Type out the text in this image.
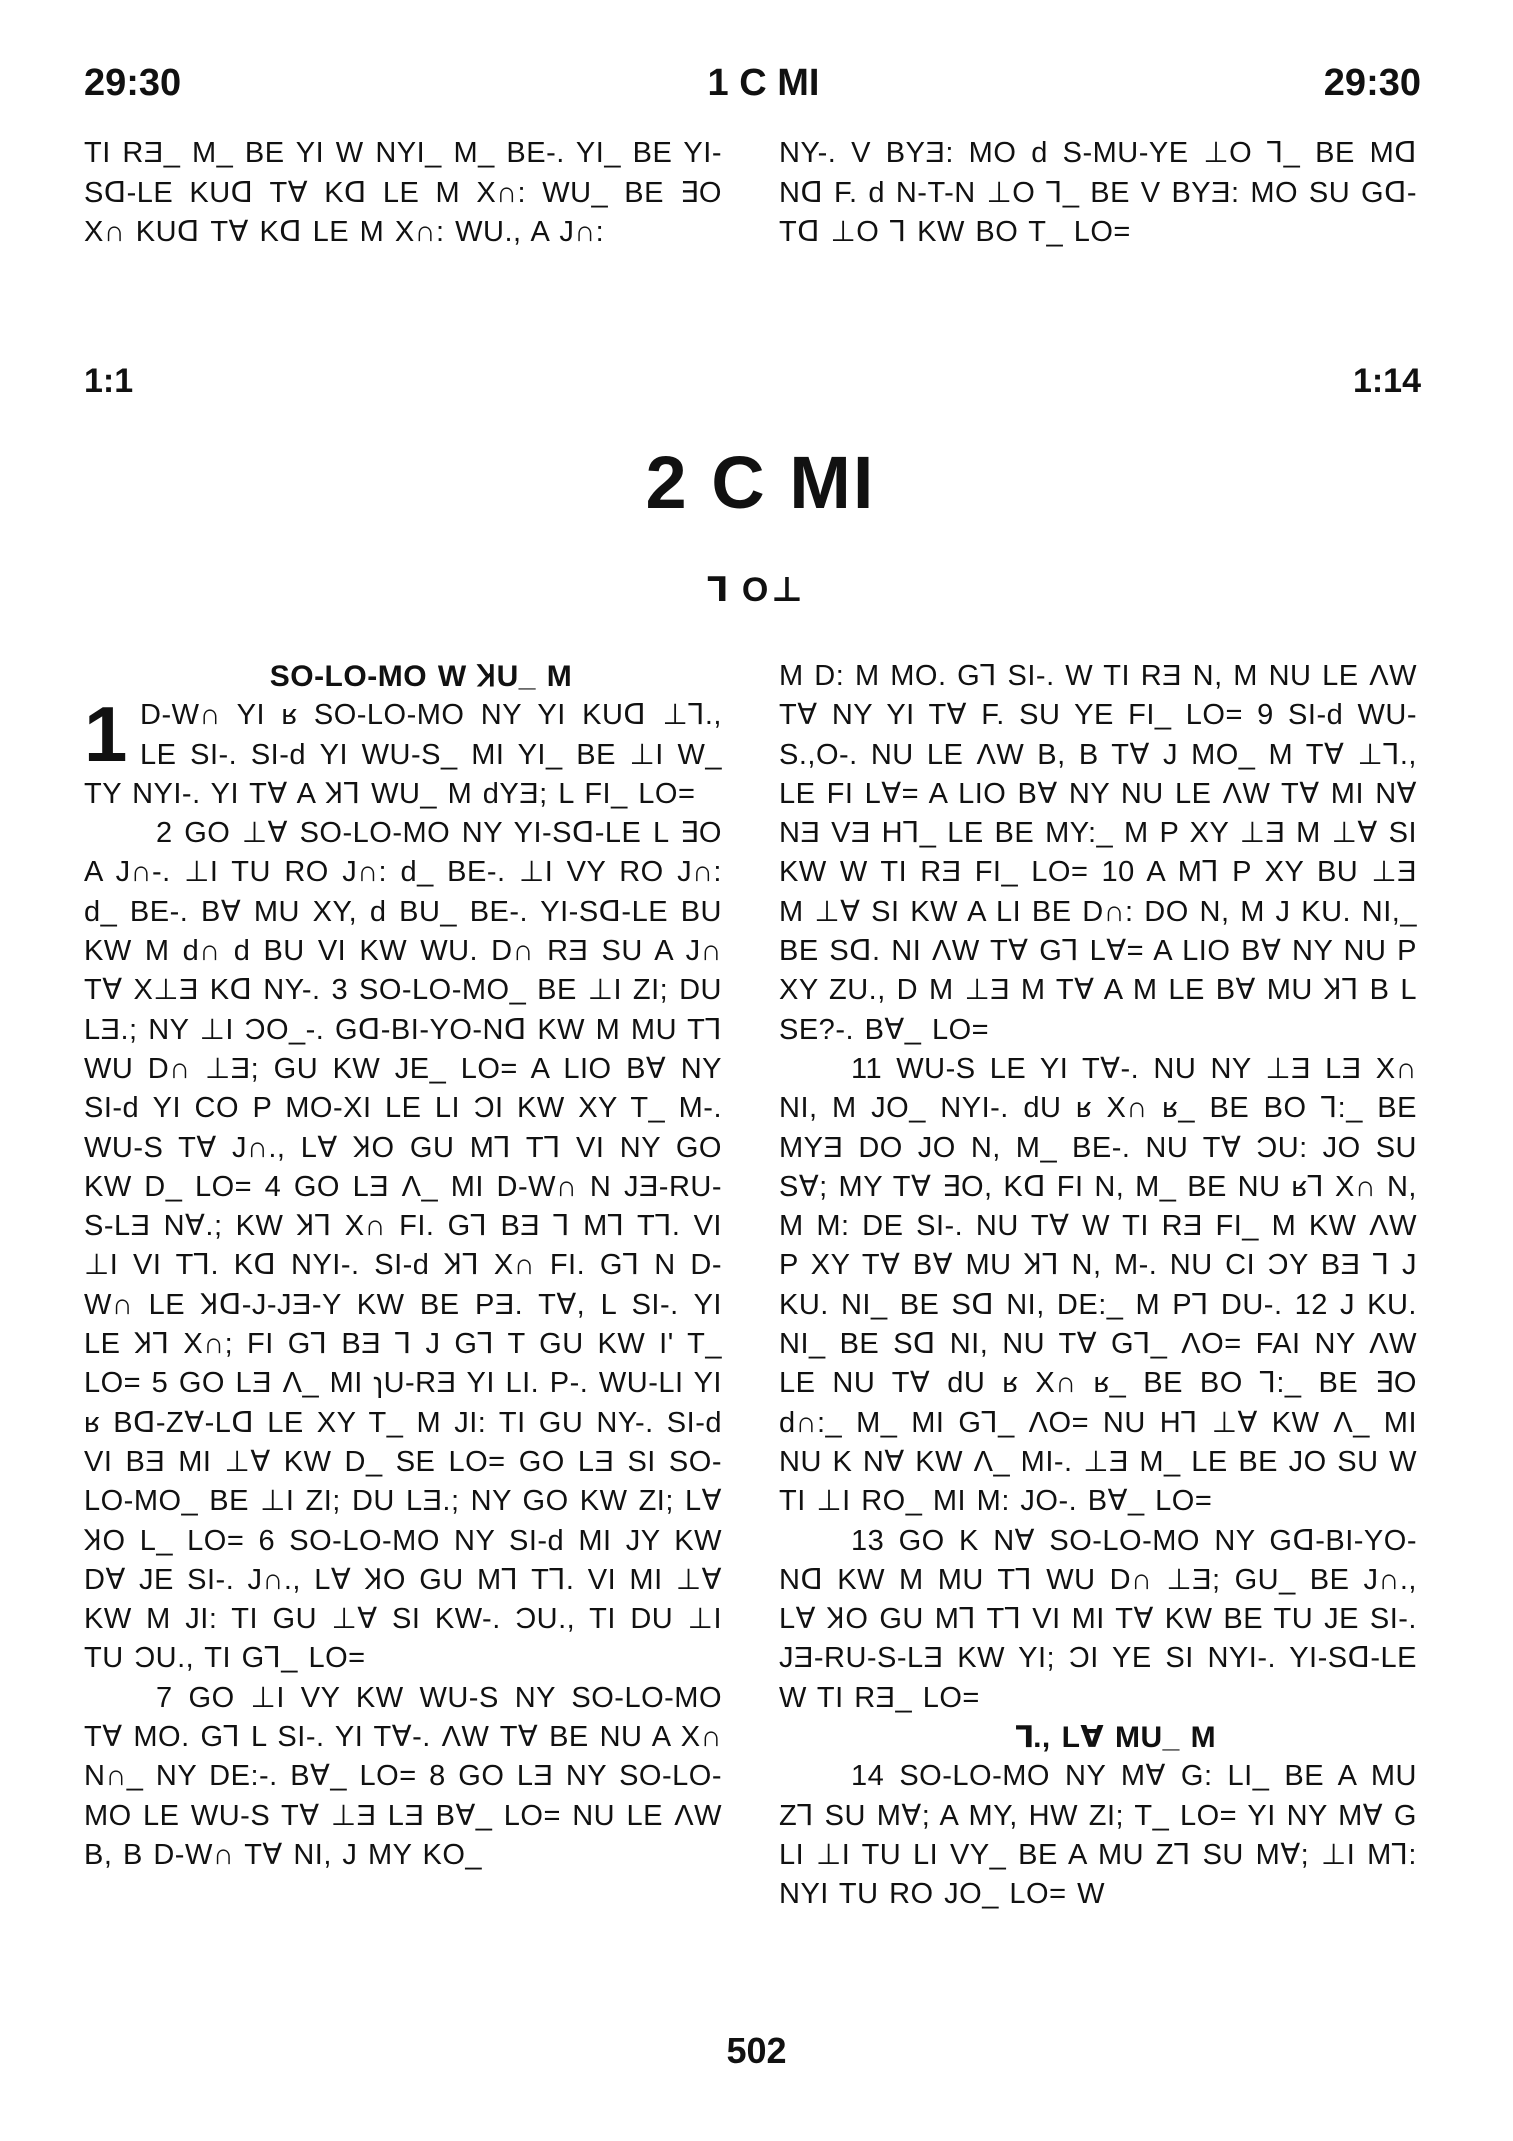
29:30	1 C MI	29:30
TI RƎ_ M_ BE YI W NYI_ M_ BE-. YI_ BE YI-Sᗡ-LE KUᗡ T∀ Kᗡ LE M X∩: WU_ BE ∃O X∩ KUᗡ T∀ Kᗡ LE M X∩: WU., A J∩:
NY-. V BYƎ: MO ԁ S-MU-YE ⊥O ⅂_ BE Mᗡ Nᗡ F. ԁ N-T-N ⊥O ⅂_ BE V BYƎ: MO SU Gᗡ-Tᗡ ⊥O ⅂ KW BO T_ LO=
1:1	1:14
2 C MI
⅂ O⊥

SO-LO-MO W ꞰU_ M

1 D-W∩ YI ʁ SO-LO-MO NY YI KUᗡ ⊥⅂., LE SI-. SI-ԁ YI WU-S_ MI YI_ BE ⊥I W_ TY NYI-. YI T∀ A Ʞ⅂ WU_ M ԁYƎ; L FI_ LO=

2 GO ⊥∀ SO-LO-MO NY YI-Sᗡ-LE L ∃O A J∩-. ⊥I TU RO J∩: ԁ_ BE-. ⊥I VY RO J∩: ԁ_ BE-. B∀ MU XY, ԁ BU_ BE-. YI-Sᗡ-LE BU KW M ԁ∩ ԁ BU VI KW WU. D∩ RƎ SU A J∩ T∀ X⊥Ǝ Kᗡ NY-. 3 SO-LO-MO_ BE ⊥I ZI; DU LƎ.; NY ⊥I ƆO_-. Gᗡ-BI-YO-Nᗡ KW M MU T⅂ WU D∩ ⊥Ǝ; GU KW JE_ LO= A LIO B∀ NY SI-ԁ YI CO P MO-XI LE LI ƆI KW XY T_ M-. WU-S T∀ J∩., L∀ ꞰO GU M⅂ T⅂ VI NY GO KW D_ LO= 4 GO LƎ Λ_ MI D-W∩ N JƎ-RU-S-LƎ N∀.; KW Ʞ⅂ X∩ FI. G⅂ BƎ ⅂ M⅂ T⅂. VI ⊥I VI T⅂. Kᗡ NYI-. SI-ԁ Ʞ⅂ X∩ FI. G⅂ N D-W∩ LE Ʞᗡ-J-JƎ-Y KW BE PƎ. T∀, L SI-. YI LE Ʞ⅂ X∩; FI G⅂ BƎ ⅂ J G⅂ T GU KW I' T_ LO= 5 GO LƎ Λ_ MI ɿU-RƎ YI LI. P-. WU-LI YI ʁ Bᗡ-Z∀-Lᗡ LE XY T_ M JI: TI GU NY-. SI-ԁ VI BƎ MI ⊥∀ KW D_ SE LO= GO LƎ SI SO-LO-MO_ BE ⊥I ZI; DU LƎ.; NY GO KW ZI; L∀ ꞰO L_ LO= 6 SO-LO-MO NY SI-ԁ MI JY KW D∀ JE SI-. J∩., L∀ ꞰO GU M⅂ T⅂. VI MI ⊥∀ KW M JI: TI GU ⊥∀ SI KW-. ƆU., TI DU ⊥I TU ƆU., TI G⅂_ LO=

7 GO ⊥I VY KW WU-S NY SO-LO-MO T∀ MO. G⅂ L SI-. YI T∀-. ΛW T∀ BE NU A X∩ N∩_ NY DE:-. B∀_ LO= 8 GO LƎ NY SO-LO-MO LE WU-S T∀ ⊥Ǝ LƎ B∀_ LO= NU LE ΛW B, B D-W∩ T∀ NI, J MY KO_

M D: M MO. G⅂ SI-. W TI RƎ N, M NU LE ΛW T∀ NY YI T∀ F. SU YE FI_ LO= 9 SI-ԁ WU-S.,O-. NU LE ΛW B, B T∀ J MO_ M T∀ ⊥⅂., LE FI L∀= A LIO B∀ NY NU LE ΛW T∀ MI N∀ NƎ VƎ H⅂_ LE BE MY:_ M P XY ⊥Ǝ M ⊥∀ SI KW W TI RƎ FI_ LO= 10 A M⅂ P XY BU ⊥Ǝ M ⊥∀ SI KW A LI BE D∩: DO N, M J KU. NI,_ BE Sᗡ. NI ΛW T∀ G⅂ L∀= A LIO B∀ NY NU P XY ZU., D M ⊥Ǝ M T∀ A M LE B∀ MU Ʞ⅂ B L SE?-. B∀_ LO=

11 WU-S LE YI T∀-. NU NY ⊥Ǝ LƎ X∩ NI, M JO_ NYI-. ԁU ʁ X∩ ʁ_ BE BO ⅂:_ BE MYƎ DO JO N, M_ BE-. NU T∀ ƆU: JO SU S∀; MY T∀ ∃O, Kᗡ FI N, M_ BE NU ʁ⅂ X∩ N, M M: DE SI-. NU T∀ W TI RƎ FI_ M KW ΛW P XY T∀ B∀ MU Ʞ⅂ N, M-. NU CI ƆY BƎ ⅂ J KU. NI_ BE Sᗡ NI, DE:_ M P⅂ DU-. 12 J KU. NI_ BE Sᗡ NI, NU T∀ G⅂_ ΛO= FAI NY ΛW LE NU T∀ ԁU ʁ X∩ ʁ_ BE BO ⅂:_ BE ∃O ԁ∩:_ M_ MI G⅂_ ΛO= NU H⅂ ⊥∀ KW Λ_ MI NU K N∀ KW Λ_ MI-. ⊥Ǝ M_ LE BE JO SU W TI ⊥I RO_ MI M: JO-. B∀_ LO=

13 GO K N∀ SO-LO-MO NY Gᗡ-BI-YO-Nᗡ KW M MU T⅂ WU D∩ ⊥Ǝ; GU_ BE J∩., L∀ ꞰO GU M⅂ T⅂ VI MI T∀ KW BE TU JE SI-. JƎ-RU-S-LƎ KW YI; ƆI YE SI NYI-. YI-Sᗡ-LE W TI RƎ_ LO=

⅂., L∀ MU_ M

14 SO-LO-MO NY M∀ G: LI_ BE A MU Z⅂ SU M∀; A MY, HW ZI; T_ LO= YI NY M∀ G LI ⊥I TU LI VY_ BE A MU Z⅂ SU M∀; ⊥I M⅂: NYI TU RO JO_ LO= W

502
